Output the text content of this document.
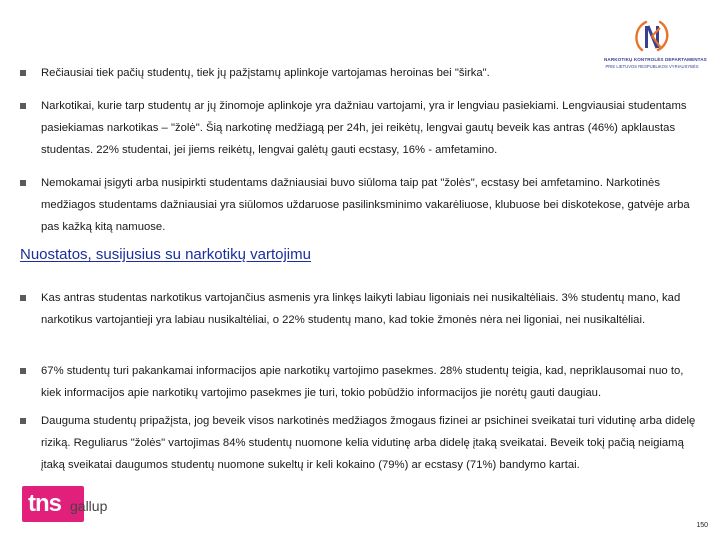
NARKOTIKŲ KONTROLĖS DEPARTAMENTAS
PRIE LIETUVOS RESPUBLIKOS VYRIAUSYBĖS
Rečiausiai tiek pačių studentų, tiek jų pažįstamų aplinkoje vartojamas heroinas bei "širka".
Narkotikai, kurie tarp studentų ar jų žinomoje aplinkoje yra dažniau vartojami, yra ir lengviau pasiekiami. Lengviausiai studentams pasiekiamas narkotikas – "žolė". Šią narkotinę medžiagą per 24h, jei reikėtų, lengvai gautų beveik kas antras (46%) apklaustas studentas. 22% studentai, jei jiems reikėtų, lengvai galėtų gauti ecstasy, 16% - amfetamino.
Nemokamai įsigyti arba nusipirkti studentams dažniausiai buvo siūloma taip pat "žolės", ecstasy bei amfetamino. Narkotinės medžiagos studentams dažniausiai yra siūlomos uždaruose pasilinksminimo vakarėliuose, klubuose bei diskotekose, gatvėje arba pas kažką kitą namuose.
Nuostatos, susijusius su narkotikų vartojimu
Kas antras studentas narkotikus vartojančius asmenis yra linkęs laikyti labiau ligoniais nei nusikaltėliais. 3% studentų mano, kad narkotikus vartojantieji yra labiau nusikaltėliai, o 22% studentų mano, kad tokie žmonės nėra nei ligoniai, nei nusikaltėliai.
67% studentų turi pakankamai informacijos apie narkotikų vartojimo pasekmes. 28% studentų teigia, kad, nepriklausomai nuo to, kiek informacijos apie narkotikų vartojimo pasekmes jie turi, tokio pobūdžio informacijos jie norėtų gauti daugiau.
Dauguma studentų pripažįsta, jog beveik visos narkotinės medžiagos žmogaus fizinei ar psichinei sveikatai turi vidutinę arba didelę riziką. Reguliarus "žolės" vartojimas 84% studentų nuomone kelia vidutinę arba didelę įtaką sveikatai. Beveik tokį pačią neigiamą įtaką sveikatai daugumos studentų nuomone sukeltų ir keli kokaino (79%) ar ecstasy (71%) bandymo kartai.
tns gallup
150
